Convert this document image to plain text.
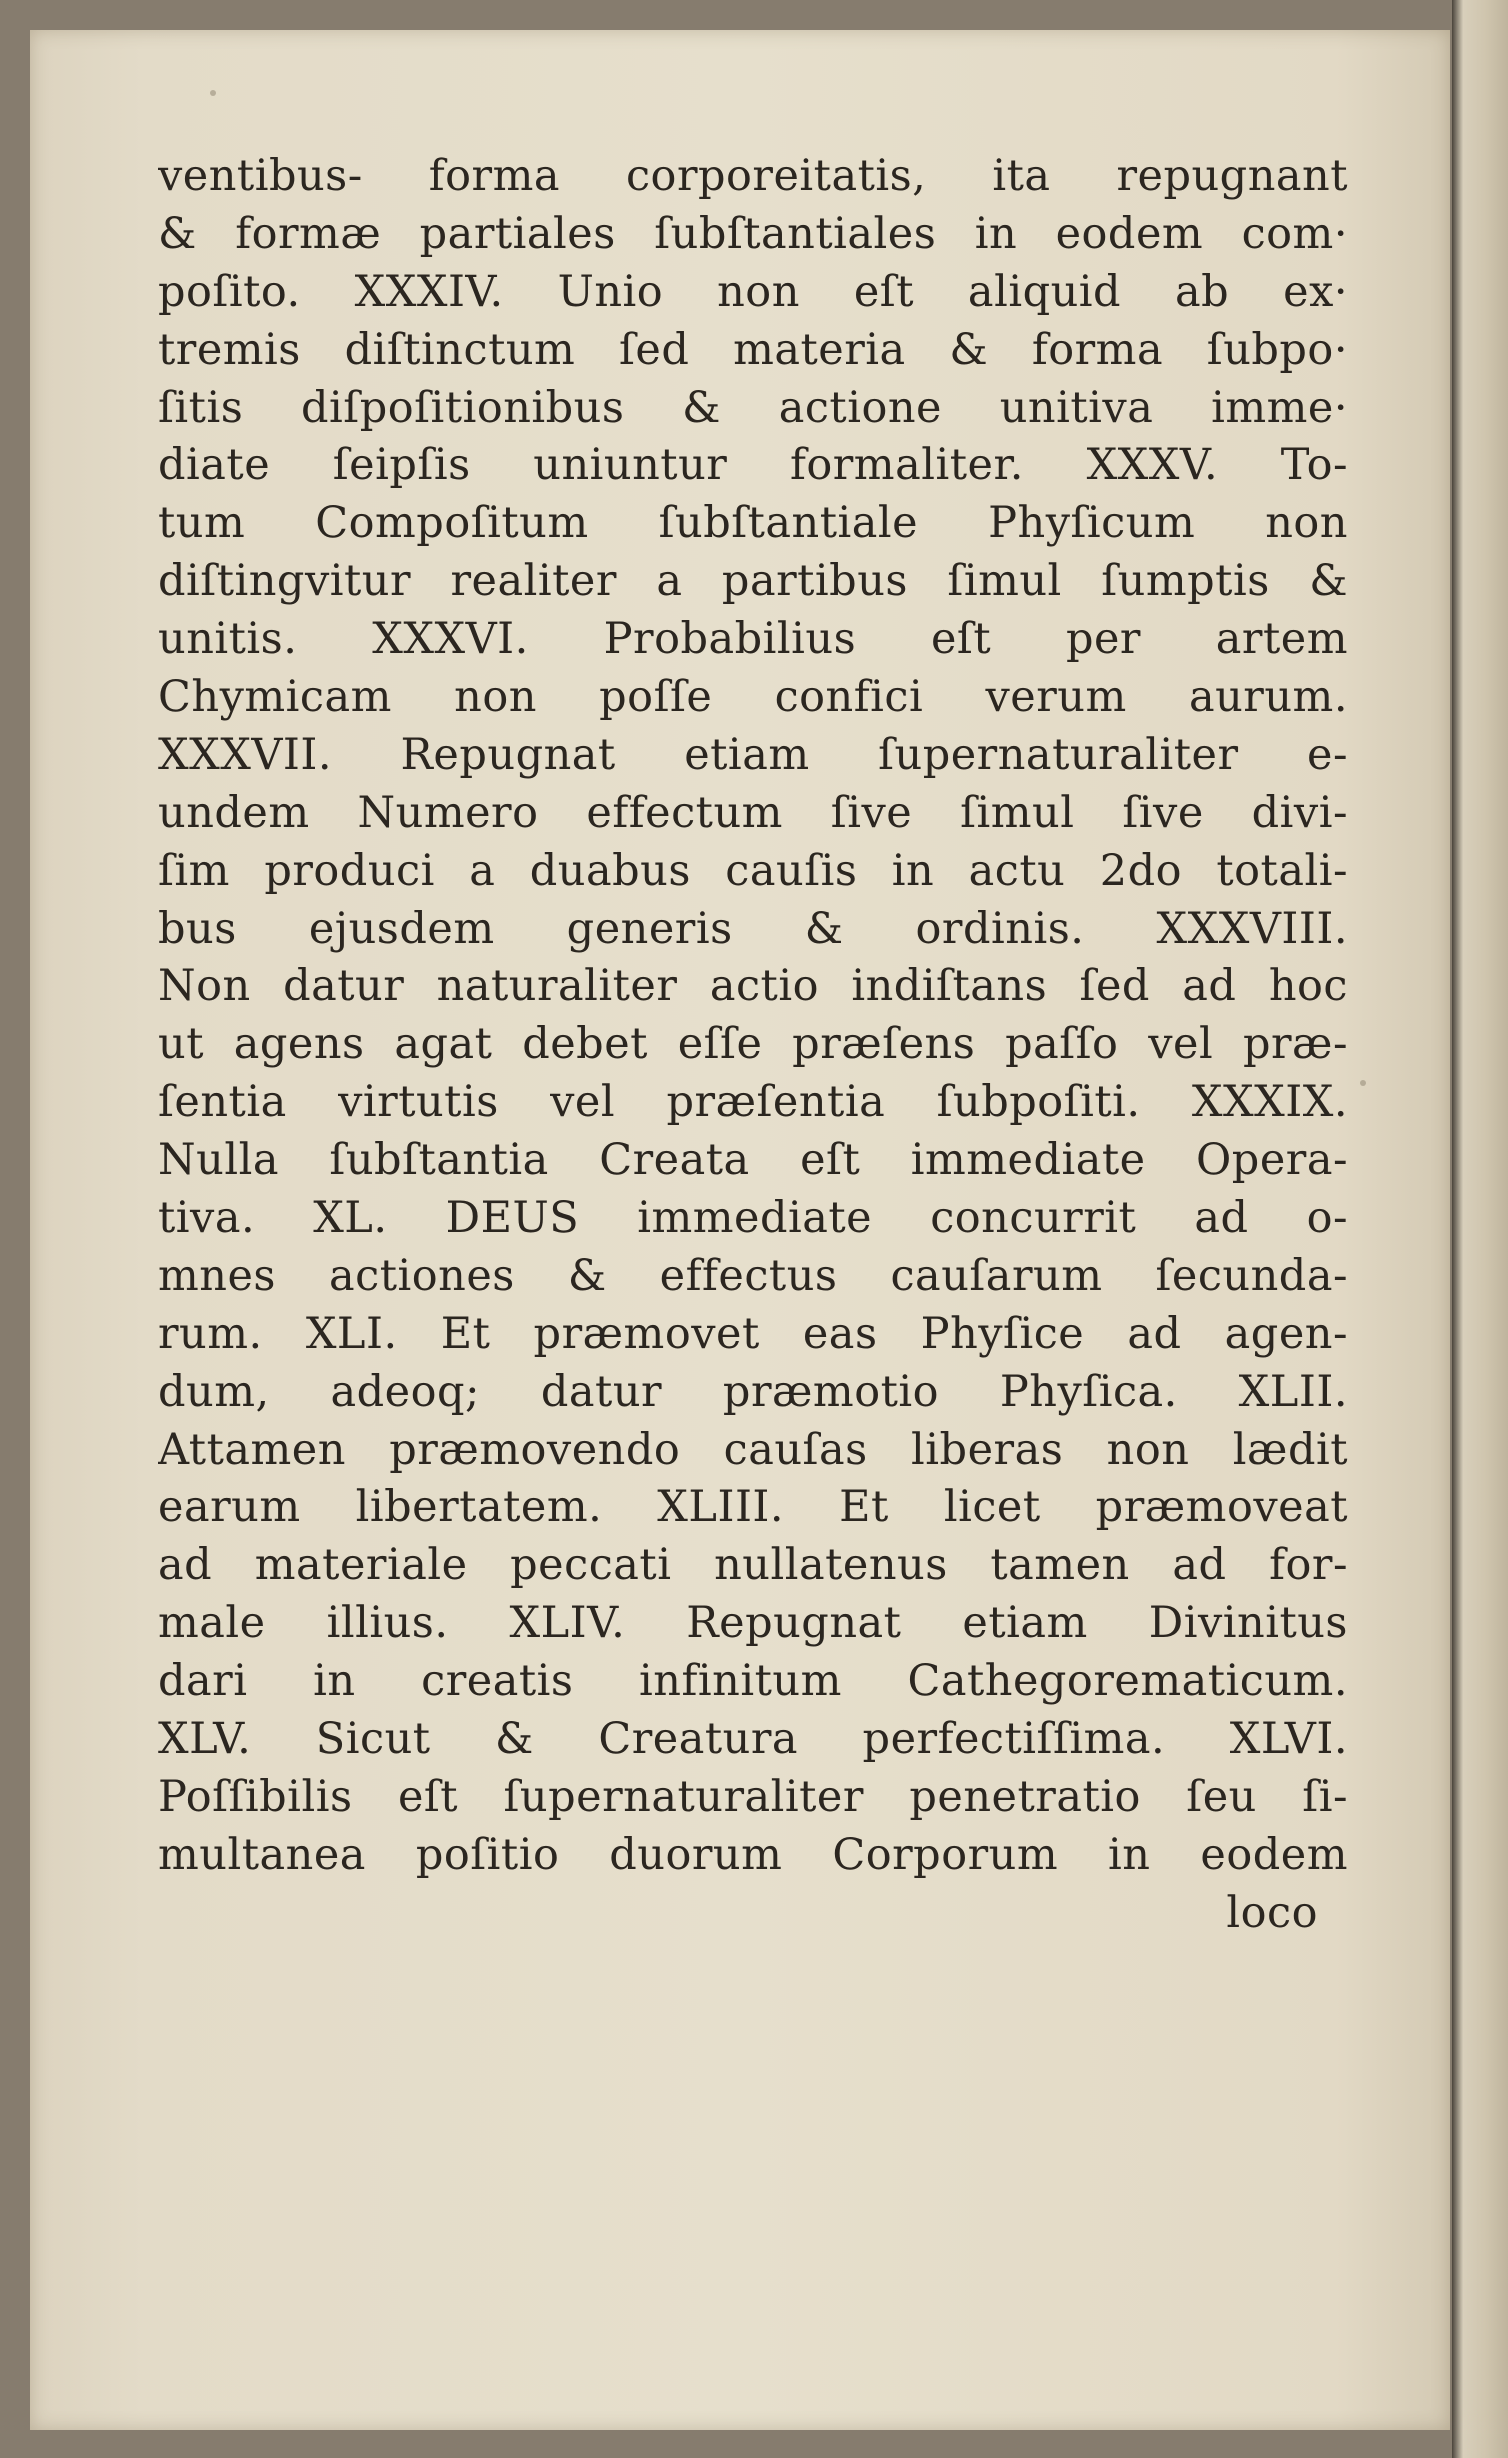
ventibus- forma corporeitatis, ita repugnant
& formæ partiales ſubſtantiales in eodem com·
poſito. XXXIV. Unio non eſt aliquid ab ex·
tremis diſtinctum ſed materia & forma ſubpo·
ſitis diſpoſitionibus & actione unitiva imme·
diate ſeipſis uniuntur formaliter. XXXV. To-
tum Compoſitum ſubſtantiale Phyſicum non
diſtingvitur realiter a partibus ſimul ſumptis &
unitis. XXXVI. Probabilius eſt per artem
Chymicam non poſſe confici verum aurum.
XXXVII. Repugnat etiam ſupernaturaliter e-
undem Numero effectum ſive ſimul ſive divi-
ſim produci a duabus cauſis in actu 2do totali-
bus ejusdem generis & ordinis. XXXVIII.
Non datur naturaliter actio indiſtans ſed ad hoc
ut agens agat debet eſſe præſens paſſo vel præ-
ſentia virtutis vel præſentia ſubpoſiti. XXXIX.
Nulla ſubſtantia Creata eſt immediate Opera-
tiva. XL. DEUS immediate concurrit ad o-
mnes actiones & effectus cauſarum ſecunda-
rum. XLI. Et præmovet eas Phyſice ad agen-
dum, adeoq; datur præmotio Phyſica. XLII.
Attamen præmovendo cauſas liberas non lædit
earum libertatem. XLIII. Et licet præmoveat
ad materiale peccati nullatenus tamen ad for-
male illius. XLIV. Repugnat etiam Divinitus
dari in creatis infinitum Cathegorematicum.
XLV. Sicut & Creatura perfectiſſima. XLVI.
Poſſibilis eſt ſupernaturaliter penetratio ſeu ſi-
multanea poſitio duorum Corporum in eodem
loco
